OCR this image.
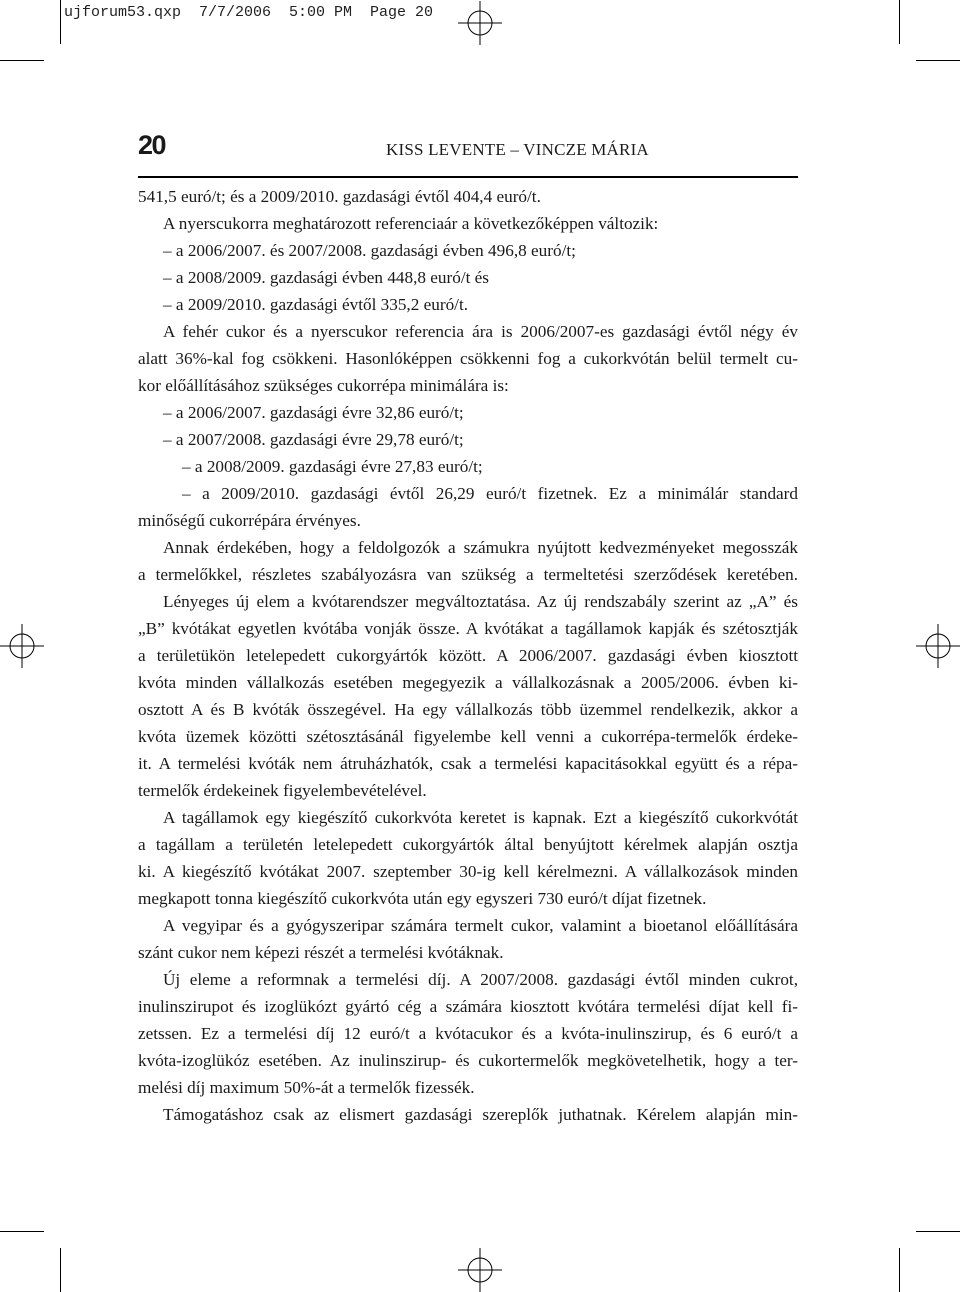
ujforum53.qxp  7/7/2006  5:00 PM  Page 20
20	KISS LEVENTE – VINCZE MÁRIA
541,5 euró/t; és a 2009/2010. gazdasági évtől 404,4 euró/t.
A nyerscukorra meghatározott referenciaár a következőképpen változik:
– a 2006/2007. és 2007/2008. gazdasági évben 496,8 euró/t;
– a 2008/2009. gazdasági évben 448,8 euró/t és
– a 2009/2010. gazdasági évtől 335,2 euró/t.
A fehér cukor és a nyerscukor referencia ára is 2006/2007-es gazdasági évtől négy év
alatt 36%-kal fog csökkeni. Hasonlóképpen csökkenni fog a cukorkvótán belül termelt cu-
kor előállításához szükséges cukorrépa minimálára is:
– a 2006/2007. gazdasági évre 32,86 euró/t;
– a 2007/2008. gazdasági évre 29,78 euró/t;
– a 2008/2009. gazdasági évre 27,83 euró/t;
– a 2009/2010. gazdasági évtől 26,29 euró/t fizetnek. Ez a minimálár standard
minőségű cukorrépára érvényes.
Annak érdekében, hogy a feldolgozók a számukra nyújtott kedvezményeket megosszák
a termelőkkel, részletes szabályozásra van szükség a termeltetési szerződések keretében.
Lényeges új elem a kvótarendszer megváltoztatása. Az új rendszabály szerint az „A” és
„B” kvótákat egyetlen kvótába vonják össze. A kvótákat a tagállamok kapják és szétosztják
a területükön letelepedett cukorgyártók között. A 2006/2007. gazdasági évben kiosztott
kvóta minden vállalkozás esetében megegyezik a vállalkozásnak a 2005/2006. évben ki-
osztott A és B kvóták összegével. Ha egy vállalkozás több üzemmel rendelkezik, akkor a
kvóta üzemek közötti szétosztásánál figyelembe kell venni a cukorrépa-termelők érdeke-
it. A termelési kvóták nem átruházhatók, csak a termelési kapacitásokkal együtt és a répa-
termelők érdekeinek figyelembevételével.
A tagállamok egy kiegészítő cukorkvóta keretet is kapnak. Ezt a kiegészítő cukorkvótát
a tagállam a területén letelepedett cukorgyártók által benyújtott kérelmek alapján osztja
ki. A kiegészítő kvótákat 2007. szeptember 30-ig kell kérelmezni. A vállalkozások minden
megkapott tonna kiegészítő cukorkvóta után egy egyszeri 730 euró/t díjat fizetnek.
A vegyipar és a gyógyszeripar számára termelt cukor, valamint a bioetanol előállítására
szánt cukor nem képezi részét a termelési kvótáknak.
Új eleme a reformnak a termelési díj. A 2007/2008. gazdasági évtől minden cukrot,
inulinszirupot és izoglükózt gyártó cég a számára kiosztott kvótára termelési díjat kell fi-
zetssen. Ez a termelési díj 12 euró/t a kvótacukor és a kvóta-inulinszirup, és 6 euró/t a
kvóta-izoglükóz esetében. Az inulinszirup- és cukortermelők megkövetelhetik, hogy a ter-
melési díj maximum 50%-át a termelők fizessék.
Támogatáshoz csak az elismert gazdasági szereplők juthatnak. Kérelem alapján min-
